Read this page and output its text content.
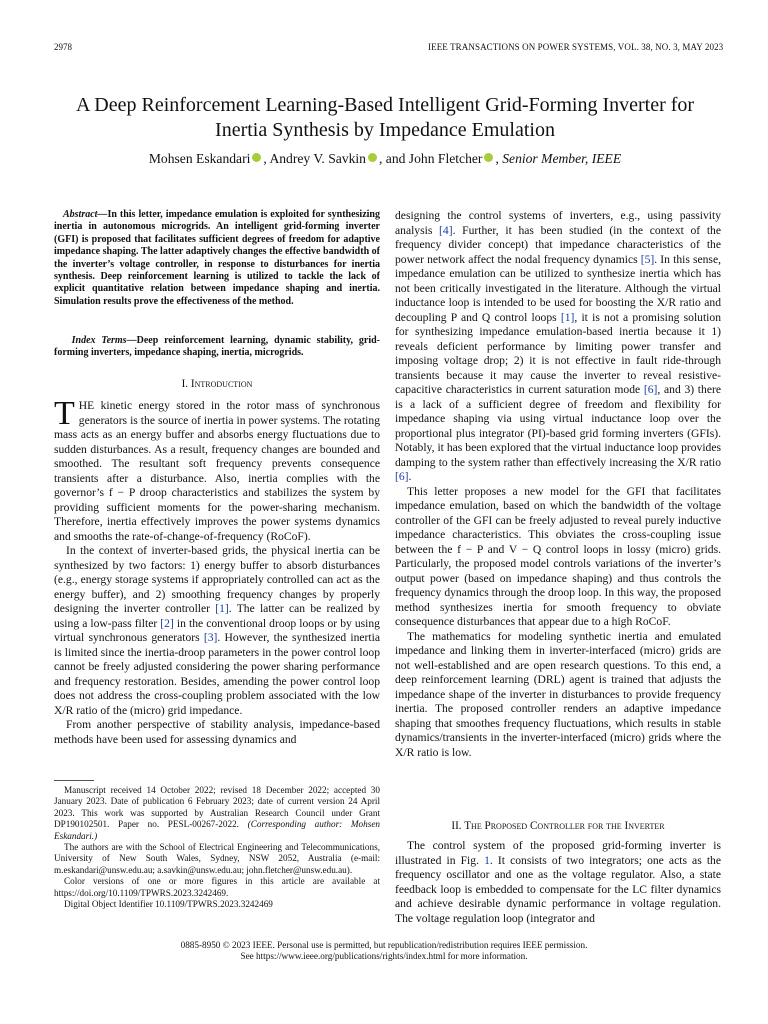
2978	IEEE TRANSACTIONS ON POWER SYSTEMS, VOL. 38, NO. 3, MAY 2023
A Deep Reinforcement Learning-Based Intelligent Grid-Forming Inverter for
Inertia Synthesis by Impedance Emulation
Mohsen Eskandari , Andrey V. Savkin , and John Fletcher , Senior Member, IEEE
Abstract—In this letter, impedance emulation is exploited for synthesizing inertia in autonomous microgrids. An intelligent grid-forming inverter (GFI) is proposed that facilitates sufficient degrees of freedom for adaptive impedance shaping. The latter adaptively changes the effective bandwidth of the inverter’s voltage controller, in response to disturbances for inertia synthesis. Deep reinforcement learning is utilized to tackle the lack of explicit quantitative relation between impedance shaping and inertia. Simulation results prove the effectiveness of the method.
Index Terms—Deep reinforcement learning, dynamic stability, grid-forming inverters, impedance shaping, inertia, microgrids.
I. Introduction

THE kinetic energy stored in the rotor mass of synchronous generators is the source of inertia in power systems. The rotating mass acts as an energy buffer and absorbs energy fluctuations due to sudden disturbances. As a result, frequency changes are bounded and smoothed. The resultant soft frequency prevents consequence transients after a disturbance. Also, inertia complies with the governor’s f − P droop characteristics and stabilizes the system by providing sufficient moments for the power-sharing mechanism. Therefore, inertia effectively improves the power systems dynamics and smooths the rate-of-change-of-frequency (RoCoF).

In the context of inverter-based grids, the physical inertia can be synthesized by two factors: 1) energy buffer to absorb disturbances (e.g., energy storage systems if appropriately controlled can act as the energy buffer), and 2) smoothing frequency changes by properly designing the inverter controller [1]. The latter can be realized by using a low-pass filter [2] in the conventional droop loops or by using virtual synchronous generators [3]. However, the synthesized inertia is limited since the inertia-droop parameters in the power control loop cannot be freely adjusted considering the power sharing performance and frequency restoration. Besides, amending the power control loop does not address the cross-coupling problem associated with the low X/R ratio of the (micro) grid impedance.

From another perspective of stability analysis, impedance-based methods have been used for assessing dynamics and

Manuscript received 14 October 2022; revised 18 December 2022; accepted 30 January 2023. Date of publication 6 February 2023; date of current version 24 April 2023. This work was supported by Australian Research Council under Grant DP190102501. Paper no. PESL-00267-2022. (Corresponding author: Mohsen Eskandari.)

The authors are with the School of Electrical Engineering and Telecommunications, University of New South Wales, Sydney, NSW 2052, Australia (e-mail: m.eskandari@unsw.edu.au; a.savkin@unsw.edu.au; john.fletcher@unsw.edu.au).

Color versions of one or more figures in this article are available at https://doi.org/10.1109/TPWRS.2023.3242469.

Digital Object Identifier 10.1109/TPWRS.2023.3242469

designing the control systems of inverters, e.g., using passivity analysis [4]. Further, it has been studied (in the context of the frequency divider concept) that impedance characteristics of the power network affect the nodal frequency dynamics [5]. In this sense, impedance emulation can be utilized to synthesize inertia which has not been critically investigated in the literature. Although the virtual inductance loop is intended to be used for boosting the X/R ratio and decoupling P and Q control loops [1], it is not a promising solution for synthesizing impedance emulation-based inertia because it 1) reveals deficient performance by limiting power transfer and imposing voltage drop; 2) it is not effective in fault ride-through transients because it may cause the inverter to reveal resistive-capacitive characteristics in current saturation mode [6], and 3) there is a lack of a sufficient degree of freedom and flexibility for impedance shaping via using virtual inductance loop over the proportional plus integrator (PI)-based grid forming inverters (GFIs). Notably, it has been explored that the virtual inductance loop provides damping to the system rather than effectively increasing the X/R ratio [6].

This letter proposes a new model for the GFI that facilitates impedance emulation, based on which the bandwidth of the voltage controller of the GFI can be freely adjusted to reveal purely inductive impedance characteristics. This obviates the cross-coupling issue between the f − P and V − Q control loops in lossy (micro) grids. Particularly, the proposed model controls variations of the inverter’s output power (based on impedance shaping) and thus controls the frequency dynamics through the droop loop. In this way, the proposed method synthesizes inertia for smooth frequency to obviate consequence disturbances that appear due to a high RoCoF.

The mathematics for modeling synthetic inertia and emulated impedance and linking them in inverter-interfaced (micro) grids are not well-established and are open research questions. To this end, a deep reinforcement learning (DRL) agent is trained that adjusts the impedance shape of the inverter in disturbances to provide frequency inertia. The proposed controller renders an adaptive impedance shaping that smoothes frequency fluctuations, which results in stable dynamics/transients in the inverter-interfaced (micro) grids where the X/R ratio is low.

II. The Proposed Controller for the Inverter

The control system of the proposed grid-forming inverter is illustrated in Fig. 1. It consists of two integrators; one acts as the frequency oscillator and one as the voltage regulator. Also, a state feedback loop is embedded to compensate for the LC filter dynamics and achieve desirable dynamic performance in voltage regulation. The voltage regulation loop (integrator and

0885-8950 © 2023 IEEE. Personal use is permitted, but republication/redistribution requires IEEE permission.
See https://www.ieee.org/publications/rights/index.html for more information.
